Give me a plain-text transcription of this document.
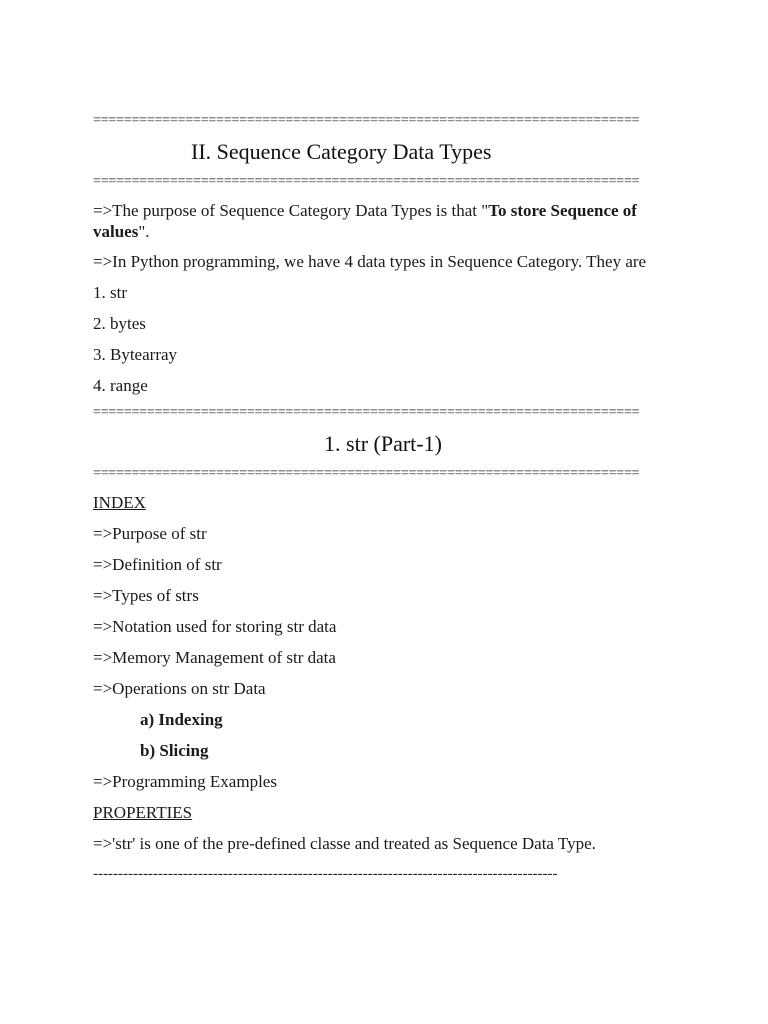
=======================================================================
II. Sequence Category Data Types
=======================================================================

=>The purpose of Sequence Category Data Types is that "To store Sequence of values".

=>In Python programming, we have 4 data types in Sequence Category. They are

1. str
2. bytes
3. Bytearray
4. range
=======================================================================
1. str (Part-1)
=======================================================================
INDEX
=>Purpose of str
=>Definition of str
=>Types of strs
=>Notation used for storing str data
=>Memory Management of str data
=>Operations on str Data
a) Indexing
b) Slicing
=>Programming Examples
PROPERTIES
=>'str' is one of the pre-defined classe and treated as Sequence Data Type.
---------------------------------------------------------------------------------------------
